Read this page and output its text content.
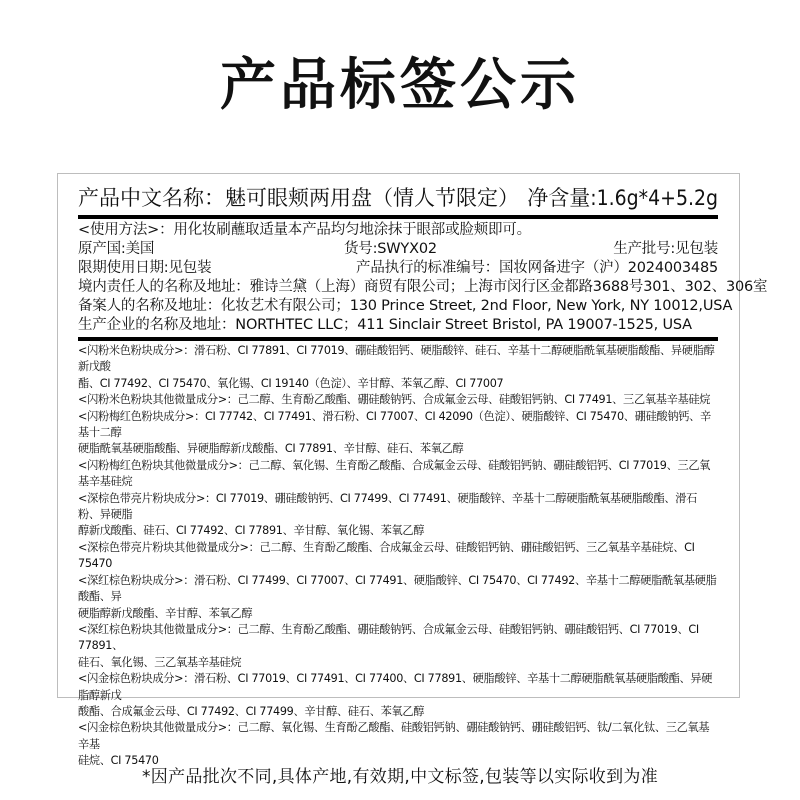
产品标签公示
产品中文名称：魅可眼颊两用盘（情人节限定） 净含量:1.6g*4+5.2g
<使用方法>：用化妆刷蘸取适量本产品均匀地涂抹于眼部或脸颊即可。
原产国:美国	货号:SWYX02	生产批号:见包装
限期使用日期:见包装	产品执行的标准编号：国妆网备进字（沪）2024003485
境内责任人的名称及地址：雅诗兰黛（上海）商贸有限公司；上海市闵行区金都路3688号301、302、306室
备案人的名称及地址：化妆艺术有限公司；130 Prince Street, 2nd Floor, New York, NY 10012,USA
生产企业的名称及地址：NORTHTEC LLC；411 Sinclair Street Bristol, PA 19007-1525, USA

<闪粉米色粉块成分>：滑石粉、CI 77891、CI 77019、硼硅酸铝钙、硬脂酸锌、硅石、辛基十二醇硬脂酰氧基硬脂酸酯、异硬脂醇新戊酸

酯、CI 77492、CI 75470、氧化锡、CI 19140（色淀）、辛甘醇、苯氧乙醇、CI 77007

<闪粉米色粉块其他微量成分>：己二醇、生育酚乙酸酯、硼硅酸钠钙、合成氟金云母、硅酸铝钙钠、CI 77491、三乙氧基辛基硅烷

<闪粉梅红色粉块成分>：CI 77742、CI 77491、滑石粉、CI 77007、CI 42090（色淀）、硬脂酸锌、CI 75470、硼硅酸钠钙、辛基十二醇

硬脂酰氧基硬脂酸酯、异硬脂醇新戊酸酯、CI 77891、辛甘醇、硅石、苯氧乙醇

<闪粉梅红色粉块其他微量成分>：己二醇、氧化锡、生育酚乙酸酯、合成氟金云母、硅酸铝钙钠、硼硅酸铝钙、CI 77019、三乙氧基辛基硅烷

<深棕色带亮片粉块成分>：CI 77019、硼硅酸钠钙、CI 77499、CI 77491、硬脂酸锌、辛基十二醇硬脂酰氧基硬脂酸酯、滑石粉、异硬脂

醇新戊酸酯、硅石、CI 77492、CI 77891、辛甘醇、氧化锡、苯氧乙醇

<深棕色带亮片粉块其他微量成分>：己二醇、生育酚乙酸酯、合成氟金云母、硅酸铝钙钠、硼硅酸铝钙、三乙氧基辛基硅烷、CI 75470

<深红棕色粉块成分>：滑石粉、CI 77499、CI 77007、CI 77491、硬脂酸锌、CI 75470、CI 77492、辛基十二醇硬脂酰氧基硬脂酸酯、异

硬脂醇新戊酸酯、辛甘醇、苯氧乙醇

<深红棕色粉块其他微量成分>：己二醇、生育酚乙酸酯、硼硅酸钠钙、合成氟金云母、硅酸铝钙钠、硼硅酸铝钙、CI 77019、CI 77891、

硅石、氧化锡、三乙氧基辛基硅烷

<闪金棕色粉块成分>：滑石粉、CI 77019、CI 77491、CI 77400、CI 77891、硬脂酸锌、辛基十二醇硬脂酰氧基硬脂酸酯、异硬脂醇新戊

酸酯、合成氟金云母、CI 77492、CI 77499、辛甘醇、硅石、苯氧乙醇

<闪金棕色粉块其他微量成分>：己二醇、氧化锡、生育酚乙酸酯、硅酸铝钙钠、硼硅酸钠钙、硼硅酸铝钙、钛/二氧化钛、三乙氧基辛基

硅烷、CI 75470

*因产品批次不同,具体产地,有效期,中文标签,包装等以实际收到为准
